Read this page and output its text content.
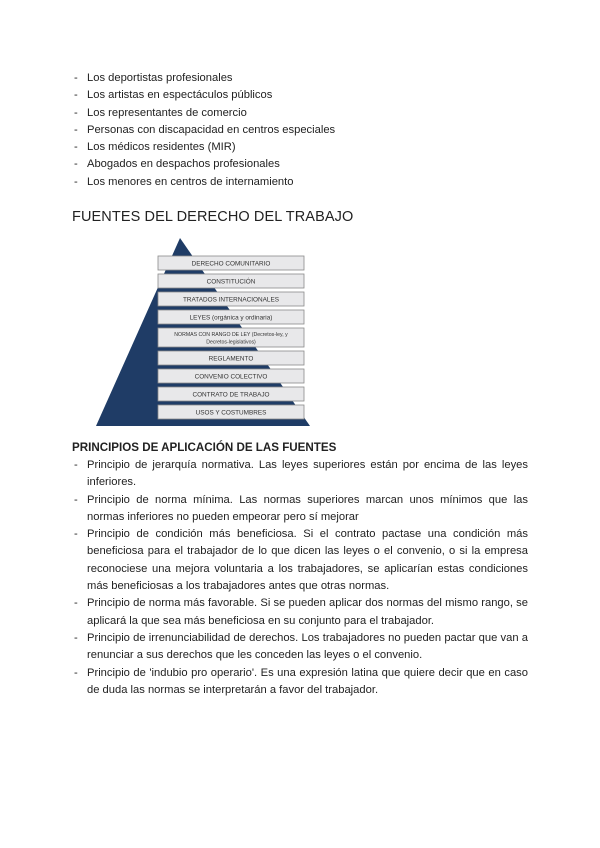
- Los deportistas profesionales
- Los artistas en espectáculos públicos
- Los representantes de comercio
- Personas con discapacidad en centros especiales
- Los médicos residentes (MIR)
- Abogados en despachos profesionales
- Los menores en centros de internamiento
FUENTES DEL DERECHO DEL TRABAJO
DERECHO COMUNITARIO
CONSTITUCIÓN
TRATADOS INTERNACIONALES
LEYES (orgánica y ordinaria)
NORMAS CON RANGO DE LEY (Decretos-ley, y
Decretos-legislativos)
REGLAMENTO
CONVENIO COLECTIVO
CONTRATO DE TRABAJO
USOS Y COSTUMBRES
PRINCIPIOS DE APLICACIÓN DE LAS FUENTES
- Principio de jerarquía normativa. Las leyes superiores están por encima de las leyes inferiores.
- Principio de norma mínima. Las normas superiores marcan unos mínimos que las normas inferiores no pueden empeorar pero sí mejorar
- Principio de condición más beneficiosa. Si el contrato pactase una condición más beneficiosa para el trabajador de lo que dicen las leyes o el convenio, o si la empresa reconociese una mejora voluntaria a los trabajadores, se aplicarían estas condiciones más beneficiosas a los trabajadores antes que otras normas.
- Principio de norma más favorable. Si se pueden aplicar dos normas del mismo rango, se aplicará la que sea más beneficiosa en su conjunto para el trabajador.
- Principio de irrenunciabilidad de derechos. Los trabajadores no pueden pactar que van a renunciar a sus derechos que les conceden las leyes o el convenio.
- Principio de 'indubio pro operario'. Es una expresión latina que quiere decir que en caso de duda las normas se interpretarán a favor del trabajador.
